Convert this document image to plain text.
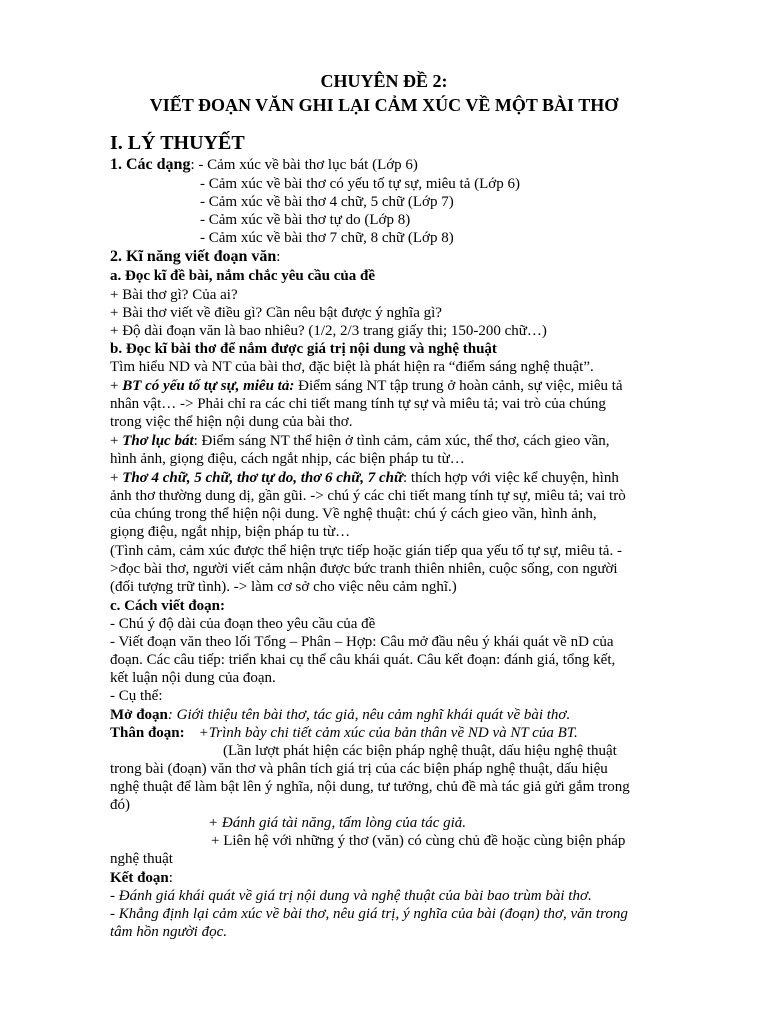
CHUYÊN ĐỀ 2:
VIẾT ĐOẠN VĂN GHI LẠI CẢM XÚC VỀ MỘT BÀI THƠ
I. LÝ THUYẾT
1. Các dạng: - Cảm xúc về bài thơ lục bát (Lớp 6)
- Cảm xúc về bài thơ có yếu tố tự sự, miêu tả (Lớp 6)
- Cảm xúc về bài thơ 4 chữ, 5 chữ (Lớp 7)
- Cảm xúc về bài thơ tự do (Lớp 8)
- Cảm xúc về bài thơ 7 chữ, 8 chữ (Lớp 8)
2. Kĩ năng viết đoạn văn:
a. Đọc kĩ đề bài, nắm chắc yêu cầu của đề
+ Bài thơ gì? Của ai?
+ Bài thơ viết về điều gì? Cần nêu bật được ý nghĩa gì?
+ Độ dài đoạn văn là bao nhiêu? (1/2, 2/3 trang giấy thi; 150-200 chữ…)
b. Đọc kĩ bài thơ để nắm được giá trị nội dung và nghệ thuật
Tìm hiểu ND và NT của bài thơ, đặc biệt là phát hiện ra “điểm sáng nghệ thuật”.
+ BT có yếu tố tự sự, miêu tả: Điểm sáng NT tập trung ở hoàn cảnh, sự việc, miêu tả
nhân vật… -> Phải chỉ ra các chi tiết mang tính tự sự và miêu tả; vai trò của chúng
trong việc thể hiện nội dung của bài thơ.
+ Thơ lục bát: Điểm sáng NT thể hiện ở tình cảm, cảm xúc, thể thơ, cách gieo vần,
hình ảnh, giọng điệu, cách ngắt nhịp, các biện pháp tu từ…
+ Thơ 4 chữ, 5 chữ, thơ tự do, thơ 6 chữ, 7 chữ: thích hợp với việc kể chuyện, hình
ảnh thơ thường dung dị, gần gũi. -> chú ý các chi tiết mang tính tự sự, miêu tả; vai trò
của chúng trong thể hiện nội dung. Về nghệ thuật: chú ý cách gieo vần, hình ảnh,
giọng điệu, ngắt nhịp, biện pháp tu từ…
(Tình cảm, cảm xúc được thể hiện trực tiếp hoặc gián tiếp qua yếu tố tự sự, miêu tả. -
>đọc bài thơ, người viết cảm nhận được bức tranh thiên nhiên, cuộc sống, con người
(đối tượng trữ tình). -> làm cơ sở cho việc nêu cảm nghĩ.)
c. Cách viết đoạn:
- Chú ý độ dài của đoạn theo yêu cầu của đề
- Viết đoạn văn theo lối Tổng – Phân – Hợp: Câu mở đầu nêu ý khái quát về nD của
đoạn. Các câu tiếp: triển khai cụ thể câu khái quát. Câu kết đoạn: đánh giá, tổng kết,
kết luận nội dung của đoạn.
- Cụ thể:
Mở đoạn: Giới thiệu tên bài thơ, tác giả, nêu cảm nghĩ khái quát về bài thơ.
Thân đoạn: +Trình bày chi tiết cảm xúc của bản thân về ND và NT của BT.
(Lần lượt phát hiện các biện pháp nghệ thuật, dấu hiệu nghệ thuật
trong bài (đoạn) văn thơ và phân tích giá trị của các biện pháp nghệ thuật, dấu hiệu
nghệ thuật để làm bật lên ý nghĩa, nội dung, tư tưởng, chủ đề mà tác giả gửi gắm trong
đó)
+ Đánh giá tài năng, tấm lòng của tác giả.
+ Liên hệ với những ý thơ (văn) có cùng chủ đề hoặc cùng biện pháp
nghệ thuật
Kết đoạn:
- Đánh giá khái quát về giá trị nội dung và nghệ thuật của bài bao trùm bài thơ.
- Khẳng định lại cảm xúc về bài thơ, nêu giá trị, ý nghĩa của bài (đoạn) thơ, văn trong
tâm hồn người đọc.
